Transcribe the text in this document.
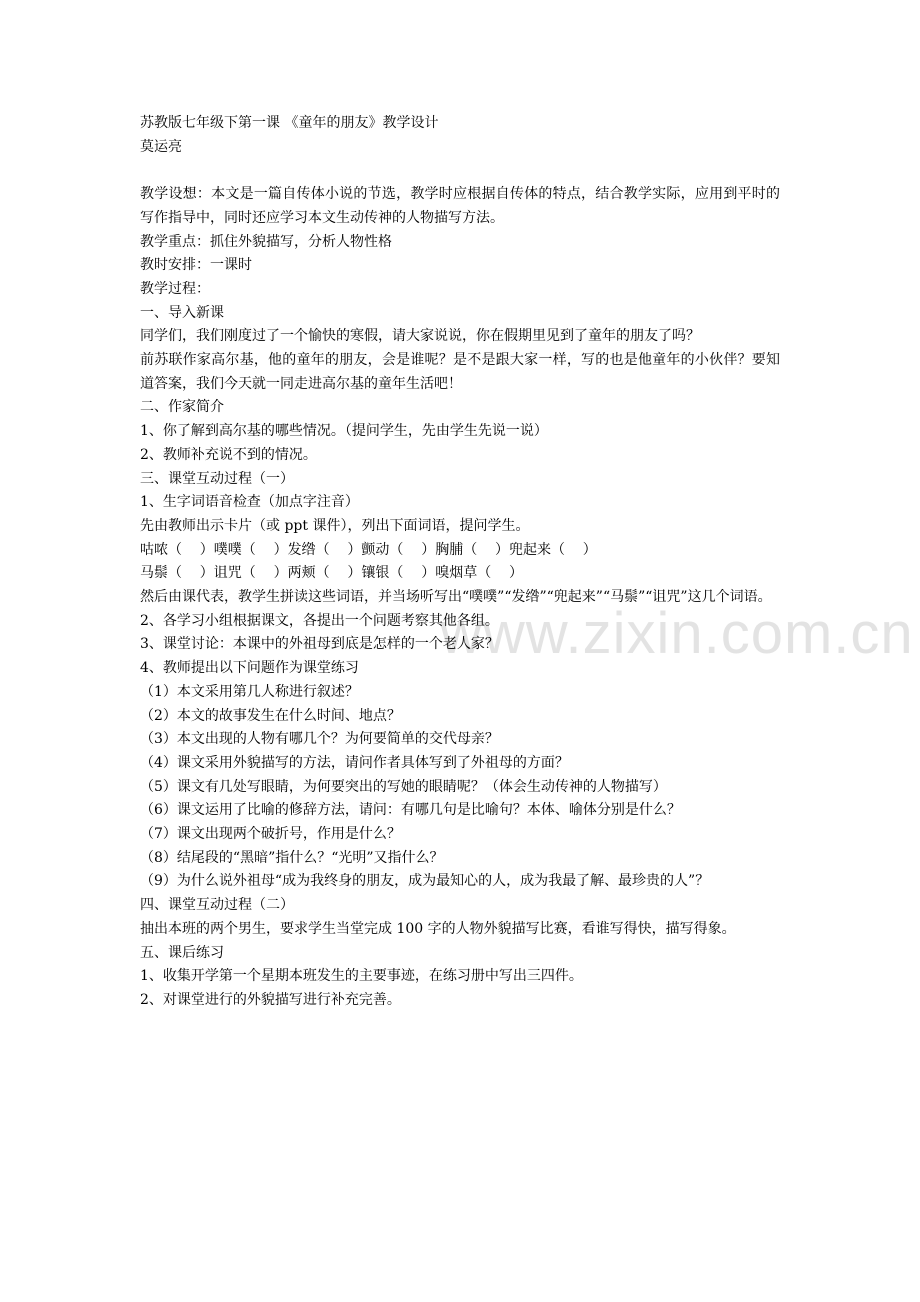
www.zixin.com.cn
苏教版七年级下第一课 《童年的朋友》教学设计
莫运亮
教学设想：本文是一篇自传体小说的节选，教学时应根据自传体的特点，结合教学实际，应用到平时的写作指导中，同时还应学习本文生动传神的人物描写方法。
教学重点：抓住外貌描写，分析人物性格
教时安排：一课时
教学过程：
一、导入新课
同学们，我们刚度过了一个愉快的寒假，请大家说说，你在假期里见到了童年的朋友了吗？
前苏联作家高尔基，他的童年的朋友，会是谁呢？是不是跟大家一样，写的也是他童年的小伙伴？要知道答案，我们今天就一同走进高尔基的童年生活吧！
二、作家简介
1、你了解到高尔基的哪些情况。（提问学生，先由学生先说一说）
2、教师补充说不到的情况。
三、课堂互动过程（一）
1、生字词语音检查（加点字注音）
先由教师出示卡片（或 ppt 课件），列出下面词语，提问学生。
咕哝（    ）噗噗（    ）发绺（    ）颤动（    ）胸脯（    ）兜起来（    ）
马鬃（    ）诅咒（    ）两颊（    ）镶银（    ）嗅烟草（    ）
然后由课代表，教学生拼读这些词语，并当场听写出“噗噗”“发绺”“兜起来”“马鬃”“诅咒”这几个词语。
2、各学习小组根据课文，各提出一个问题考察其他各组。
3、课堂讨论：本课中的外祖母到底是怎样的一个老人家？
4、教师提出以下问题作为课堂练习
（1）本文采用第几人称进行叙述？
（2）本文的故事发生在什么时间、地点？
（3）本文出现的人物有哪几个？为何要简单的交代母亲？
（4）课文采用外貌描写的方法，请问作者具体写到了外祖母的方面？
（5）课文有几处写眼睛，为何要突出的写她的眼睛呢？（体会生动传神的人物描写）
（6）课文运用了比喻的修辞方法，请问：有哪几句是比喻句？本体、喻体分别是什么？
（7）课文出现两个破折号，作用是什么？
（8）结尾段的“黑暗”指什么？“光明”又指什么？
（9）为什么说外祖母“成为我终身的朋友，成为最知心的人，成为我最了解、最珍贵的人”？
四、课堂互动过程（二）
抽出本班的两个男生，要求学生当堂完成 100 字的人物外貌描写比赛，看谁写得快，描写得象。
五、课后练习
1、收集开学第一个星期本班发生的主要事迹，在练习册中写出三四件。
2、对课堂进行的外貌描写进行补充完善。
